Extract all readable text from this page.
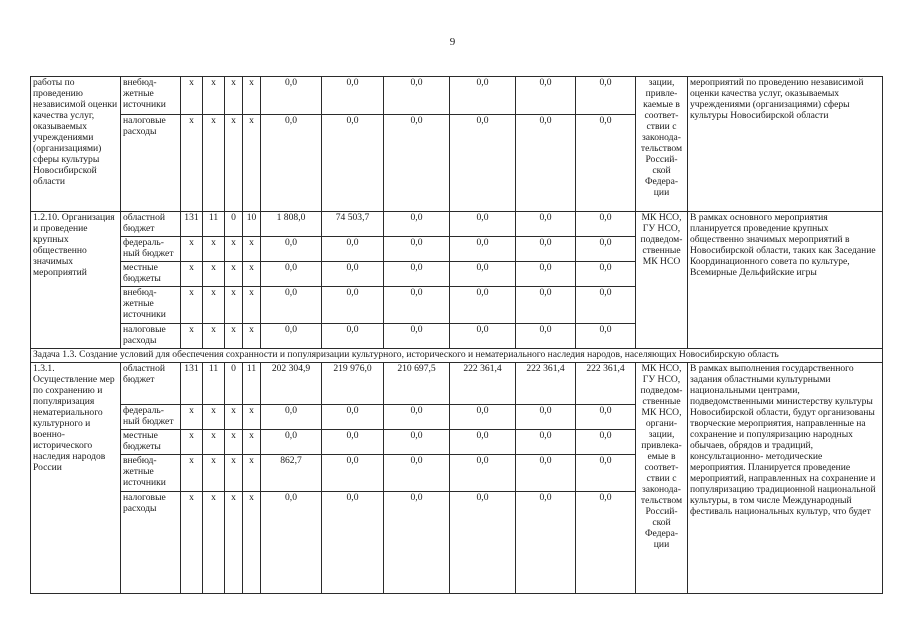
9
работы по проведению независимой оценки качества услуг, оказываемых учреждениями (организациями) сферы культуры Новосибирской области	внебюд- жетные источники	x	x	x	x	0,0	0,0	0,0	0,0	0,0	0,0	зации, привле- каемые в соответ- ствии с законода- тельством Россий- ской Федера- ции	мероприятий по проведению независимой оценки качества услуг, оказываемых учреждениями (организациями) сферы культуры Новосибирской области
	налоговые расходы	x	x	x	x	0,0	0,0	0,0	0,0	0,0	0,0		
1.2.10. Организация и проведение крупных общественно значимых мероприятий	областной бюджет	131	11	0	10	1 808,0	74 503,7	0,0	0,0	0,0	0,0	МК НСО, ГУ НСО, подведом- ственные МК НСО	В рамках основного мероприятия планируется проведение крупных общественно значимых мероприятий в Новосибирской области, таких как Заседание Координационного совета по культуре, Всемирные Дельфийские игры
	федераль- ный бюджет	x	x	x	x	0,0	0,0	0,0	0,0	0,0	0,0		
	местные бюджеты	x	x	x	x	0,0	0,0	0,0	0,0	0,0	0,0		
	внебюд- жетные источники	x	x	x	x	0,0	0,0	0,0	0,0	0,0	0,0		
	налоговые расходы	x	x	x	x	0,0	0,0	0,0	0,0	0,0	0,0		
Задача 1.3. Создание условий для обеспечения сохранности и популяризации культурного, исторического и нематериального наследия народов, населяющих Новосибирскую область													
1.3.1. Осуществление мер по сохранению и популяризация нематериального культурного и военно- исторического наследия народов России	областной бюджет	131	11	0	11	202 304,9	219 976,0	210 697,5	222 361,4	222 361,4	222 361,4	МК НСО, ГУ НСО, подведом- ственные МК НСО, органи- зации, привлека- емые в соответ- ствии с законода- тельством Россий- ской Федера- ции	В рамках выполнения государственного задания областными культурными национальными центрами, подведомственными министерству культуры Новосибирской области, будут организованы творческие мероприятия, направленные на сохранение и популяризацию народных обычаев, обрядов и традиций, консультационно- методические мероприятия. Планируется проведение мероприятий, направленных на сохранение и популяризацию традиционной национальной культуры, в том числе Международный фестиваль национальных культур, что будет
	федераль- ный бюджет	x	x	x	x	0,0	0,0	0,0	0,0	0,0	0,0		
	местные бюджеты	x	x	x	x	0,0	0,0	0,0	0,0	0,0	0,0		
	внебюд- жетные источники	x	x	x	x	862,7	0,0	0,0	0,0	0,0	0,0		
	налоговые расходы	x	x	x	x	0,0	0,0	0,0	0,0	0,0	0,0		
